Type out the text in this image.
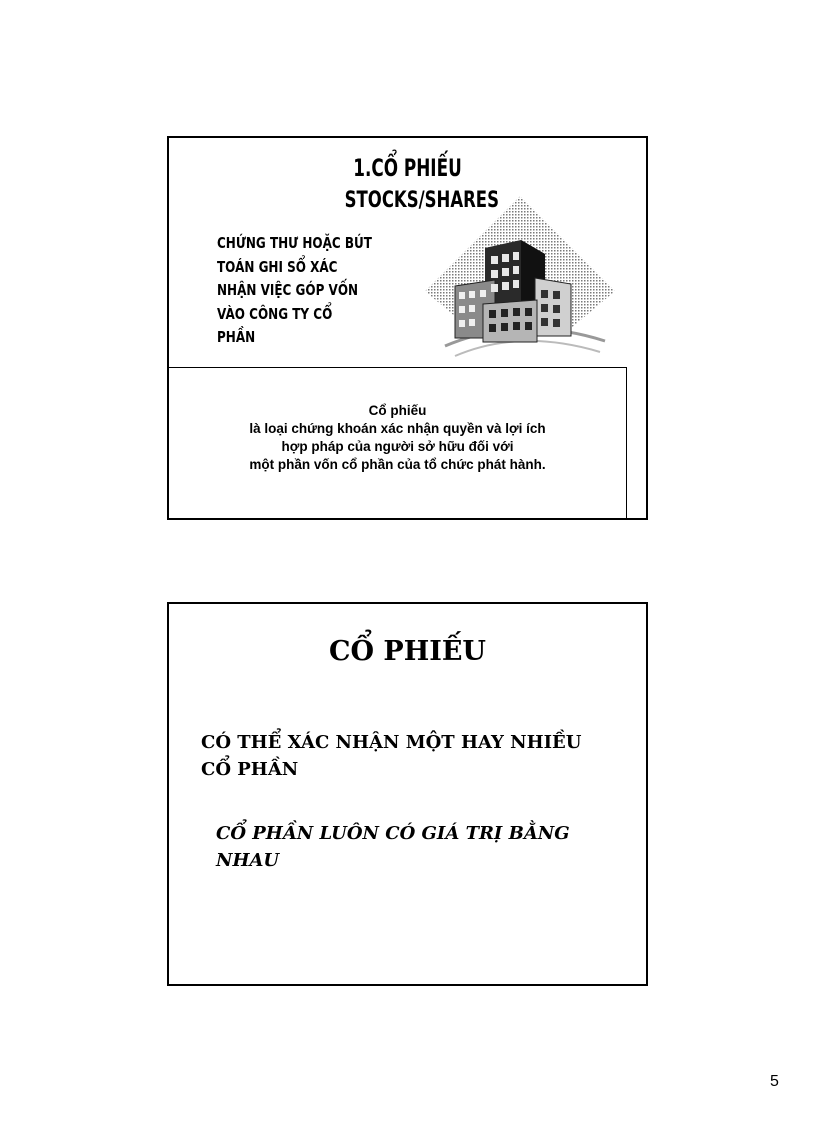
1.CỔ PHIẾU
STOCKS/SHARES
CHỨNG THƯ HOẶC BÚT
TOÁN GHI SỔ XÁC
NHẬN VIỆC GÓP VỐN
VÀO CÔNG TY CỔ
PHẦN
Cổ phiếu
là loại chứng khoán xác nhận quyền và lợi ích
hợp pháp của người sở hữu đối với
một phần vốn cổ phần của tổ chức phát hành.
CỔ PHIẾU
CÓ THỂ XÁC NHẬN MỘT HAY NHIỀU
CỔ PHẦN
CỔ PHẦN LUÔN CÓ GIÁ TRỊ BẰNG
NHAU
5
